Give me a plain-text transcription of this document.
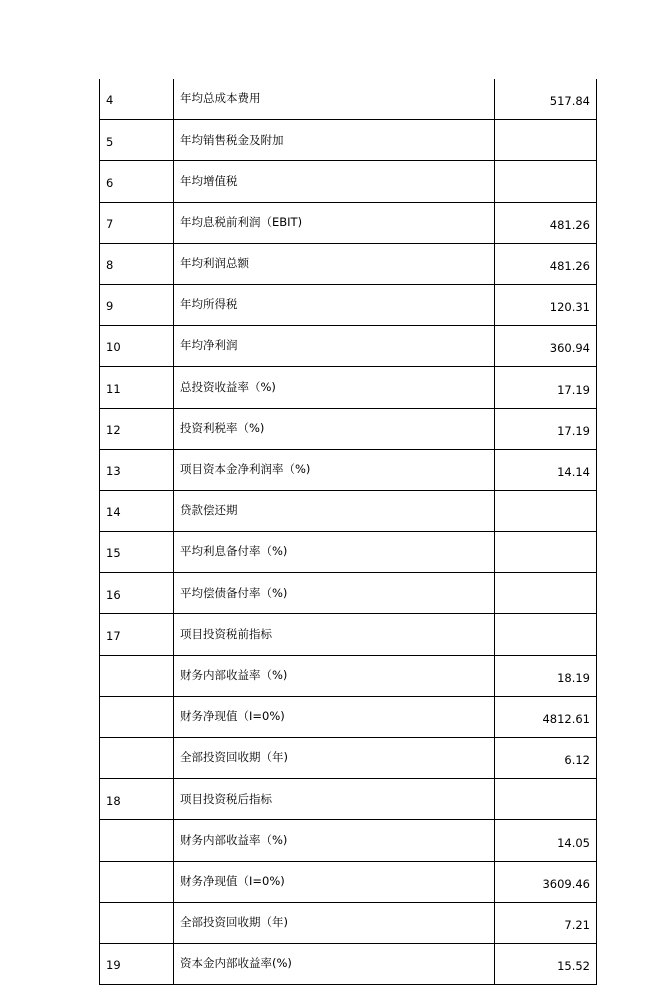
4	年均总成本费用	517.84
5	年均销售税金及附加	
6	年均增值税	
7	年均息税前利润（EBIT)	481.26
8	年均利润总额	481.26
9	年均所得税	120.31
10	年均净利润	360.94
11	总投资收益率（%)	17.19
12	投资利税率（%)	17.19
13	项目资本金净利润率（%)	14.14
14	贷款偿还期	
15	平均利息备付率（%)	
16	平均偿债备付率（%)	
17	项目投资税前指标	
	财务内部收益率（%)	18.19
	财务净现值（I=0%)	4812.61
	全部投资回收期（年)	6.12
18	项目投资税后指标	
	财务内部收益率（%)	14.05
	财务净现值（I=0%)	3609.46
	全部投资回收期（年)	7.21
19	资本金内部收益率(%)	15.52
